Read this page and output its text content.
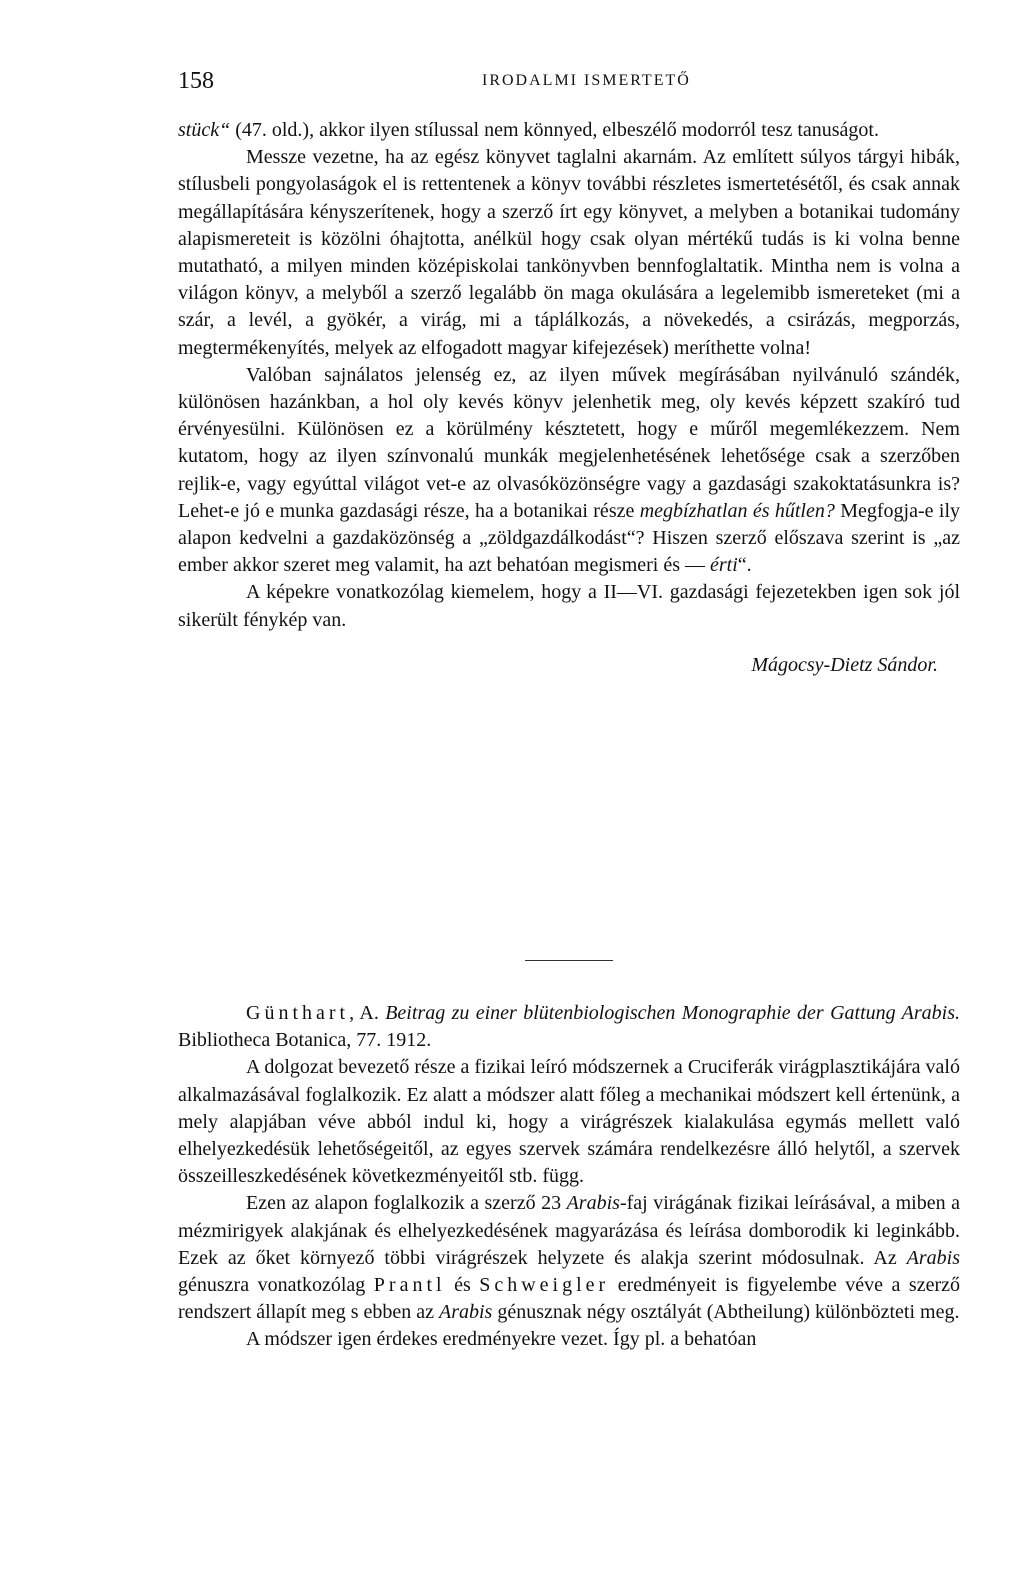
158	IRODALMI ISMERTETŐ

stück“ (47. old.), akkor ilyen stílussal nem könnyed, elbeszélő modorról tesz tanuságot.

Messze vezetne, ha az egész könyvet taglalni akarnám. Az említett súlyos tárgyi hibák, stílusbeli pongyolaságok el is rettentenek a könyv további részletes ismertetésétől, és csak annak megállapítására kényszerítenek, hogy a szerző írt egy könyvet, a melyben a botanikai tudomány alapismereteit is közölni óhajtotta, anélkül hogy csak olyan mértékű tudás is ki volna benne mutatható, a milyen minden középiskolai tankönyvben bennfoglaltatik. Mintha nem is volna a világon könyv, a melyből a szerző legalább ön maga okulására a legelemibb ismereteket (mi a szár, a levél, a gyökér, a virág, mi a táplálkozás, a növekedés, a csirázás, megporzás, megtermékenyítés, melyek az elfogadott magyar kifejezések) meríthette volna!

Valóban sajnálatos jelenség ez, az ilyen művek megírásában nyilvánuló szándék, különösen hazánkban, a hol oly kevés könyv jelenhetik meg, oly kevés képzett szakíró tud érvényesülni. Különösen ez a körülmény késztetett, hogy e műről megemlékezzem. Nem kutatom, hogy az ilyen színvonalú munkák megjelenhetésének lehetősége csak a szerzőben rejlik-e, vagy egyúttal világot vet-e az olvasóközönségre vagy a gazdasági szakoktatásunkra is? Lehet-e jó e munka gazdasági része, ha a botanikai része megbízhatlan és hűtlen? Megfogja-e ily alapon kedvelni a gazdaközönség a „zöldgazdálkodást“? Hiszen szerző előszava szerint is „az ember akkor szeret meg valamit, ha azt behatóan megismeri és — érti“.

A képekre vonatkozólag kiemelem, hogy a II—VI. gazdasági fejezetekben igen sok jól sikerült fénykép van.

Mágocsy-Dietz Sándor.

Günthart, A. Beitrag zu einer blütenbiologischen Monographie der Gattung Arabis. Bibliotheca Botanica, 77. 1912.

A dolgozat bevezető része a fizikai leíró módszernek a Cruciferák virágplasztikájára való alkalmazásával foglalkozik. Ez alatt a módszer alatt főleg a mechanikai módszert kell értenünk, a mely alapjában véve abból indul ki, hogy a virágrészek kialakulása egymás mellett való elhelyezkedésük lehetőségeitől, az egyes szervek számára rendelkezésre álló helytől, a szervek összeilleszkedésének következményeitől stb. függ.

Ezen az alapon foglalkozik a szerző 23 Arabis-faj virágának fizikai leírásával, a miben a mézmirigyek alakjának és elhelyezkedésének magyarázása és leírása domborodik ki leginkább. Ezek az őket környező többi virágrészek helyzete és alakja szerint módosulnak. Az Arabis génuszra vonatkozólag Prantl és Schweigler eredményeit is figyelembe véve a szerző rendszert állapít meg s ebben az Arabis génusznak négy osztályát (Abtheilung) különbözteti meg.

A módszer igen érdekes eredményekre vezet. Így pl. a behatóan
